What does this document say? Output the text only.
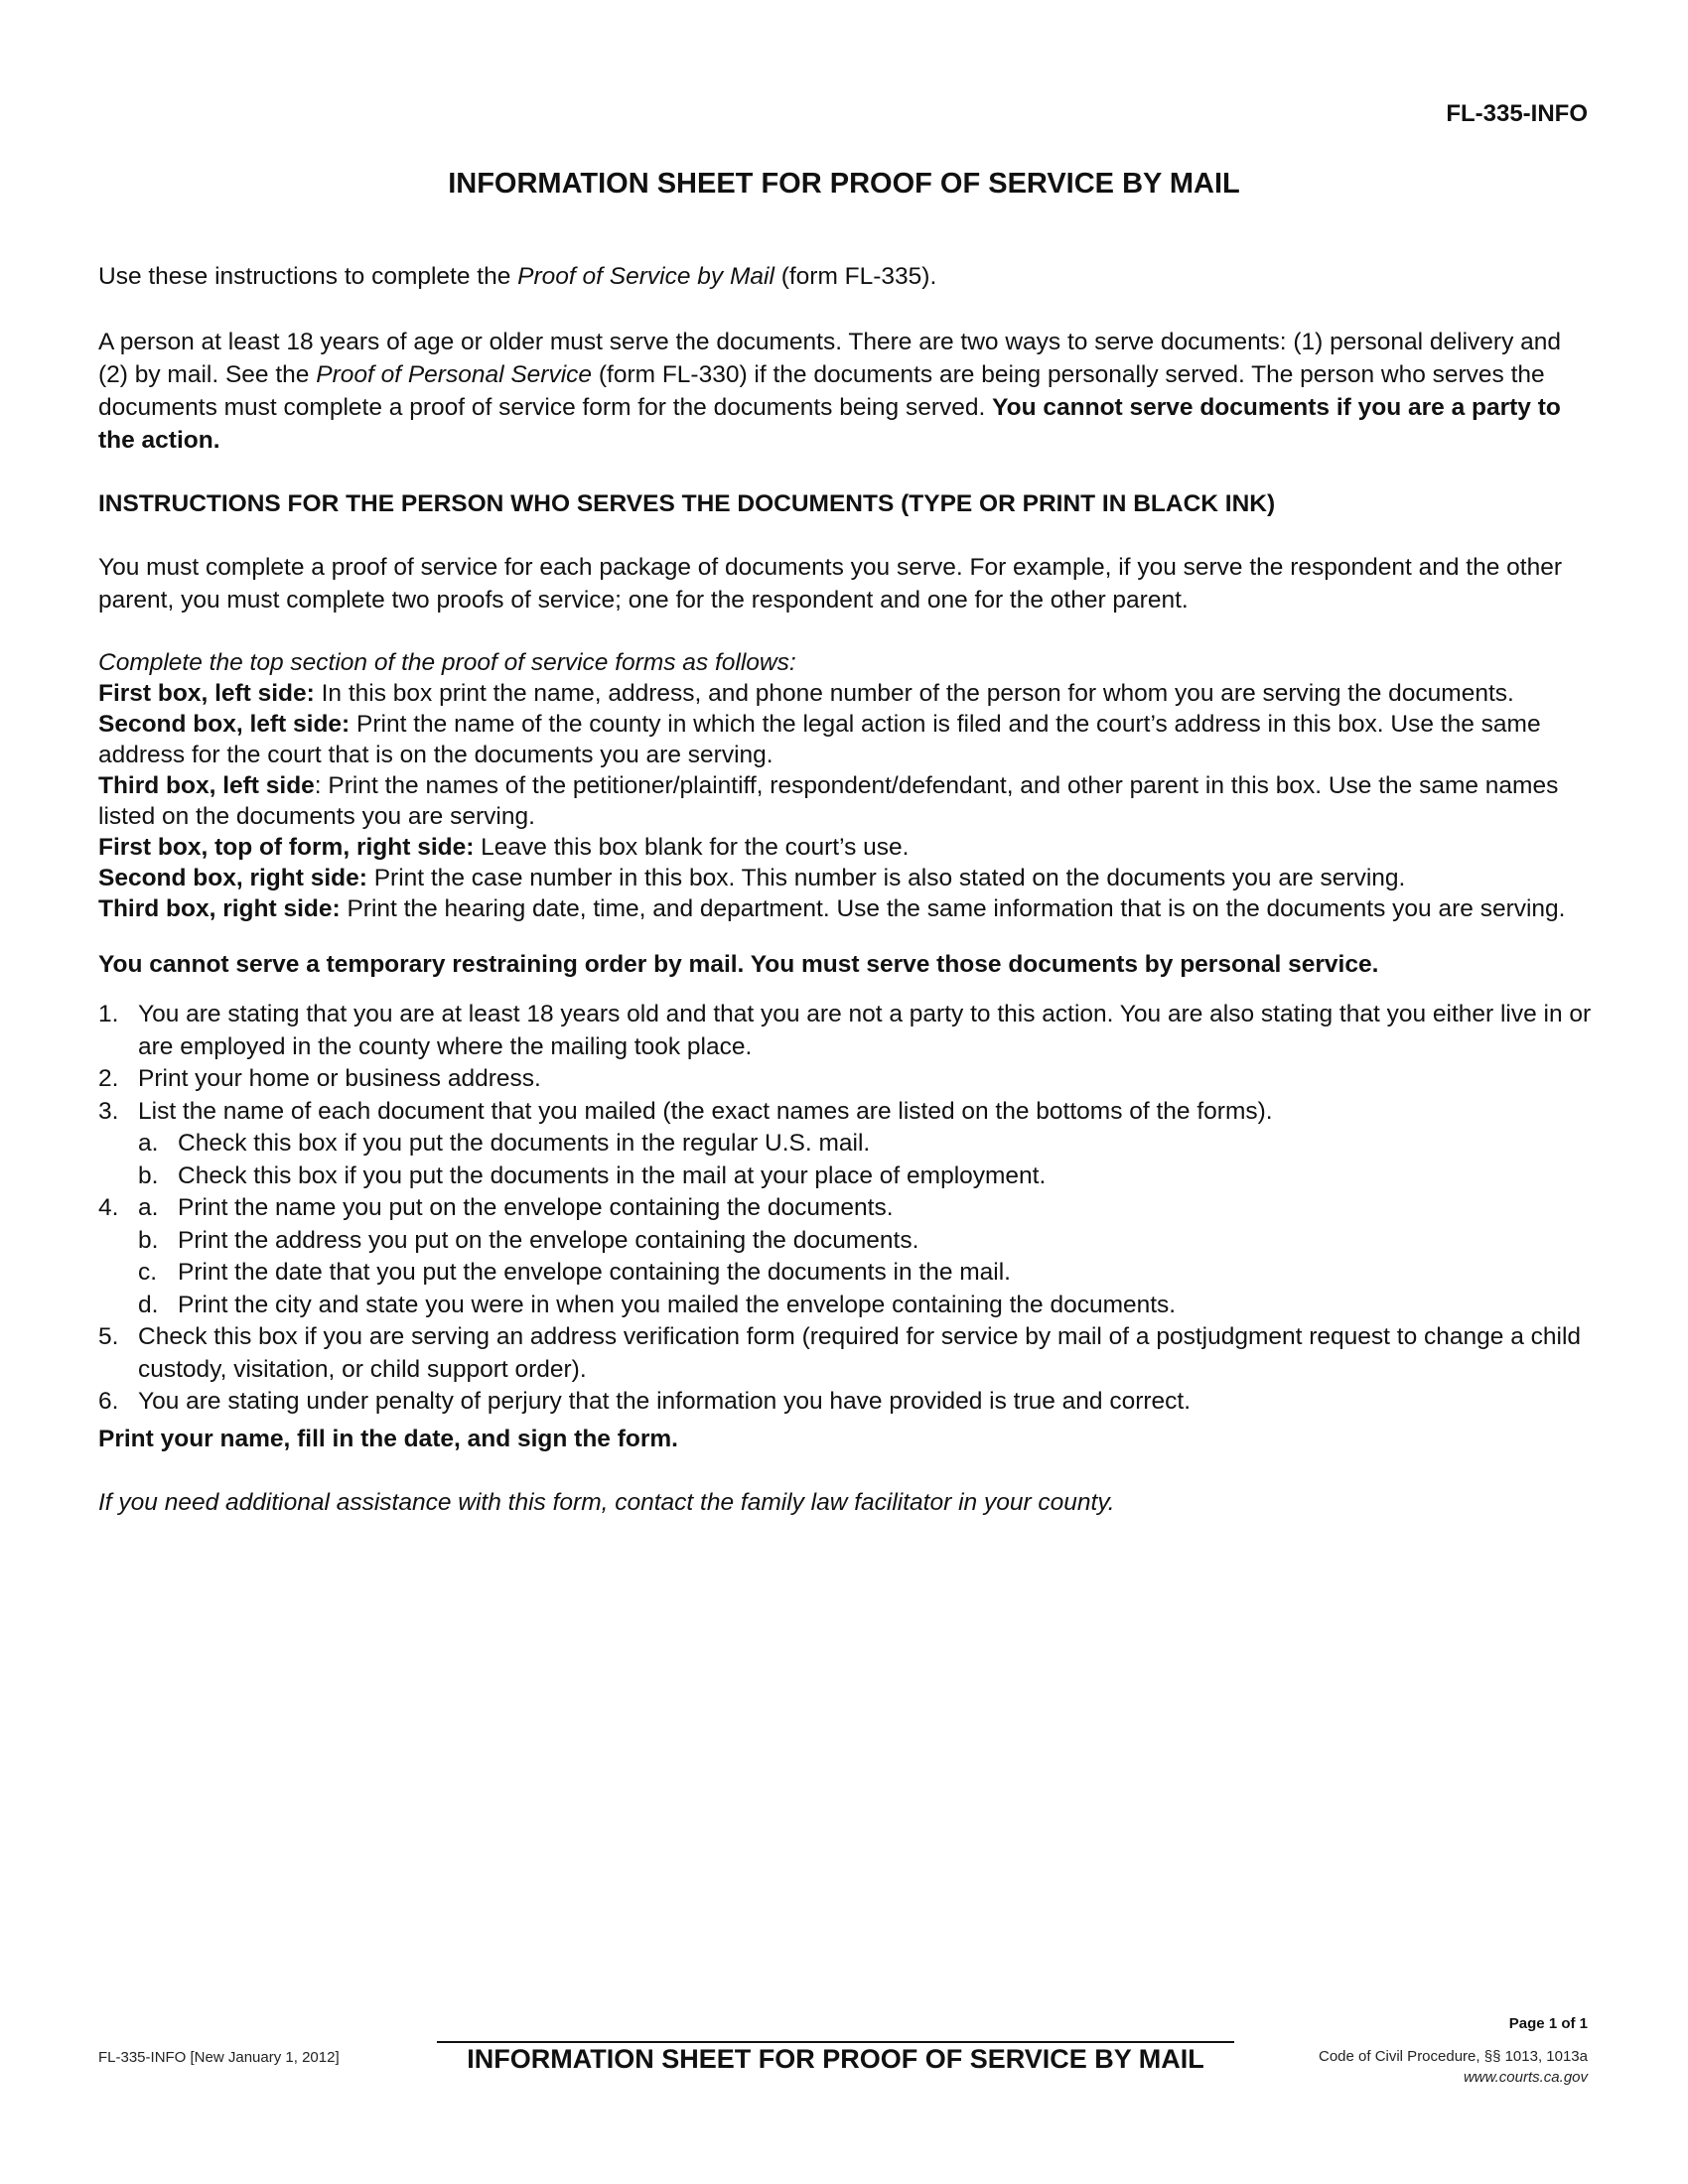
FL-335-INFO
INFORMATION SHEET FOR PROOF OF SERVICE BY MAIL

Use these instructions to complete the Proof of Service by Mail (form FL-335).

A person at least 18 years of age or older must serve the documents. There are two ways to serve documents: (1) personal delivery and (2) by mail. See the Proof of Personal Service (form FL-330) if the documents are being personally served. The person who serves the documents must complete a proof of service form for the documents being served. You cannot serve documents if you are a party to the action.

INSTRUCTIONS FOR THE PERSON WHO SERVES THE DOCUMENTS (TYPE OR PRINT IN BLACK INK)

You must complete a proof of service for each package of documents you serve. For example, if you serve the respondent and the other parent, you must complete two proofs of service; one for the respondent and one for the other parent.

Complete the top section of the proof of service forms as follows:

First box, left side: In this box print the name, address, and phone number of the person for whom you are serving the documents.

Second box, left side: Print the name of the county in which the legal action is filed and the court’s address in this box. Use the same address for the court that is on the documents you are serving.

Third box, left side: Print the names of the petitioner/plaintiff, respondent/defendant, and other parent in this box. Use the same names listed on the documents you are serving.

First box, top of form, right side: Leave this box blank for the court’s use.

Second box, right side: Print the case number in this box. This number is also stated on the documents you are serving.

Third box, right side: Print the hearing date, time, and department. Use the same information that is on the documents you are serving.

You cannot serve a temporary restraining order by mail. You must serve those documents by personal service.

1. You are stating that you are at least 18 years old and that you are not a party to this action. You are also stating that you either live in or are employed in the county where the mailing took place.
2. Print your home or business address.
3. List the name of each document that you mailed (the exact names are listed on the bottoms of the forms).
a. Check this box if you put the documents in the regular U.S. mail.
b. Check this box if you put the documents in the mail at your place of employment.
4. a. Print the name you put on the envelope containing the documents.
b. Print the address you put on the envelope containing the documents.
c. Print the date that you put the envelope containing the documents in the mail.
d. Print the city and state you were in when you mailed the envelope containing the documents.
5. Check this box if you are serving an address verification form (required for service by mail of a postjudgment request to change a child custody, visitation, or child support order).
6. You are stating under penalty of perjury that the information you have provided is true and correct.

Print your name, fill in the date, and sign the form.

If you need additional assistance with this form, contact the family law facilitator in your county.

Page 1 of 1
FL-335-INFO [New January 1, 2012]	INFORMATION SHEET FOR PROOF OF SERVICE BY MAIL	Code of Civil Procedure, §§ 1013, 1013a
www.courts.ca.gov
